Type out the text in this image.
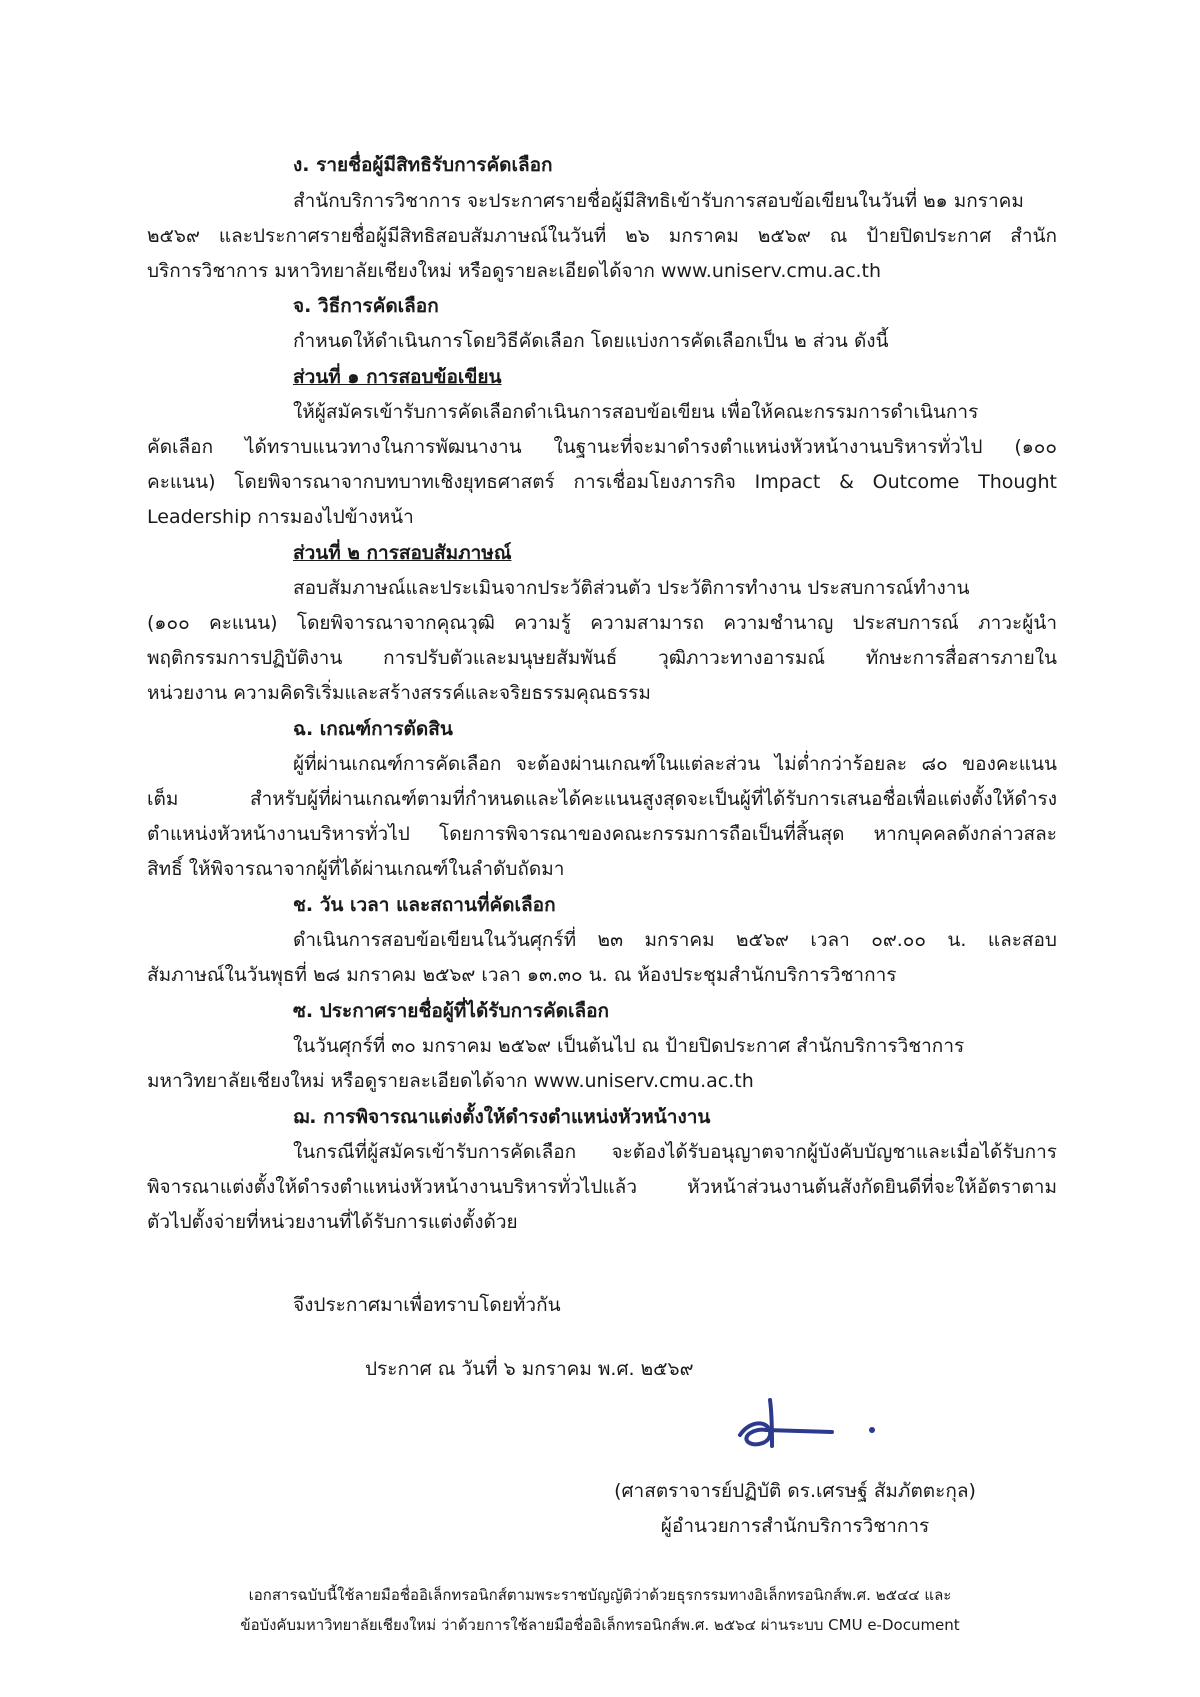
ง. รายชื่อผู้มีสิทธิรับการคัดเลือก
สำนักบริการวิชาการ จะประกาศรายชื่อผู้มีสิทธิเข้ารับการสอบข้อเขียนในวันที่ ๒๑ มกราคม
๒๕๖๙ และประกาศรายชื่อผู้มีสิทธิสอบสัมภาษณ์ในวันที่ ๒๖ มกราคม ๒๕๖๙ ณ ป้ายปิดประกาศ สำนัก
บริการวิชาการ มหาวิทยาลัยเชียงใหม่ หรือดูรายละเอียดได้จาก www.uniserv.cmu.ac.th
จ. วิธีการคัดเลือก
กำหนดให้ดำเนินการโดยวิธีคัดเลือก โดยแบ่งการคัดเลือกเป็น ๒ ส่วน ดังนี้
ส่วนที่ ๑ การสอบข้อเขียน
ให้ผู้สมัครเข้ารับการคัดเลือกดำเนินการสอบข้อเขียน เพื่อให้คณะกรรมการดำเนินการ
คัดเลือก ได้ทราบแนวทางในการพัฒนางาน ในฐานะที่จะมาดำรงตำแหน่งหัวหน้างานบริหารทั่วไป (๑๐๐
คะแนน) โดยพิจารณาจากบทบาทเชิงยุทธศาสตร์ การเชื่อมโยงภารกิจ Impact & Outcome Thought
Leadership การมองไปข้างหน้า
ส่วนที่ ๒ การสอบสัมภาษณ์
สอบสัมภาษณ์และประเมินจากประวัติส่วนตัว ประวัติการทำงาน ประสบการณ์ทำงาน
(๑๐๐ คะแนน) โดยพิจารณาจากคุณวุฒิ ความรู้ ความสามารถ ความชำนาญ ประสบการณ์ ภาวะผู้นำ
พฤติกรรมการปฏิบัติงาน การปรับตัวและมนุษยสัมพันธ์ วุฒิภาวะทางอารมณ์ ทักษะการสื่อสารภายใน
หน่วยงาน ความคิดริเริ่มและสร้างสรรค์และจริยธรรมคุณธรรม
ฉ. เกณฑ์การตัดสิน
ผู้ที่ผ่านเกณฑ์การคัดเลือก จะต้องผ่านเกณฑ์ในแต่ละส่วน ไม่ต่ำกว่าร้อยละ ๘๐ ของคะแนน
เต็ม สำหรับผู้ที่ผ่านเกณฑ์ตามที่กำหนดและได้คะแนนสูงสุดจะเป็นผู้ที่ได้รับการเสนอชื่อเพื่อแต่งตั้งให้ดำรง
ตำแหน่งหัวหน้างานบริหารทั่วไป โดยการพิจารณาของคณะกรรมการถือเป็นที่สิ้นสุด หากบุคคลดังกล่าวสละ
สิทธิ์ ให้พิจารณาจากผู้ที่ได้ผ่านเกณฑ์ในลำดับถัดมา
ช. วัน เวลา และสถานที่คัดเลือก
ดำเนินการสอบข้อเขียนในวันศุกร์ที่ ๒๓ มกราคม ๒๕๖๙ เวลา ๐๙.๐๐ น. และสอบ
สัมภาษณ์ในวันพุธที่ ๒๘ มกราคม ๒๕๖๙ เวลา ๑๓.๓๐ น. ณ ห้องประชุมสำนักบริการวิชาการ
ซ. ประกาศรายชื่อผู้ที่ได้รับการคัดเลือก
ในวันศุกร์ที่ ๓๐ มกราคม ๒๕๖๙ เป็นต้นไป ณ ป้ายปิดประกาศ สำนักบริการวิชาการ
มหาวิทยาลัยเชียงใหม่ หรือดูรายละเอียดได้จาก www.uniserv.cmu.ac.th
ฌ. การพิจารณาแต่งตั้งให้ดำรงตำแหน่งหัวหน้างาน
ในกรณีที่ผู้สมัครเข้ารับการคัดเลือก จะต้องได้รับอนุญาตจากผู้บังคับบัญชาและเมื่อได้รับการ
พิจารณาแต่งตั้งให้ดำรงตำแหน่งหัวหน้างานบริหารทั่วไปแล้ว หัวหน้าส่วนงานต้นสังกัดยินดีที่จะให้อัตราตาม
ตัวไปตั้งจ่ายที่หน่วยงานที่ได้รับการแต่งตั้งด้วย
จึงประกาศมาเพื่อทราบโดยทั่วกัน
ประกาศ ณ วันที่ ๖ มกราคม พ.ศ. ๒๕๖๙
(ศาสตราจารย์ปฏิบัติ ดร.เศรษฐ์ สัมภัตตะกุล)
ผู้อำนวยการสำนักบริการวิชาการ
เอกสารฉบับนี้ใช้ลายมือชื่ออิเล็กทรอนิกส์ตามพระราชบัญญัติว่าด้วยธุรกรรมทางอิเล็กทรอนิกส์พ.ศ. ๒๕๔๔ และ
ข้อบังคับมหาวิทยาลัยเชียงใหม่ ว่าด้วยการใช้ลายมือชื่ออิเล็กทรอนิกส์พ.ศ. ๒๕๖๔ ผ่านระบบ CMU e-Document
